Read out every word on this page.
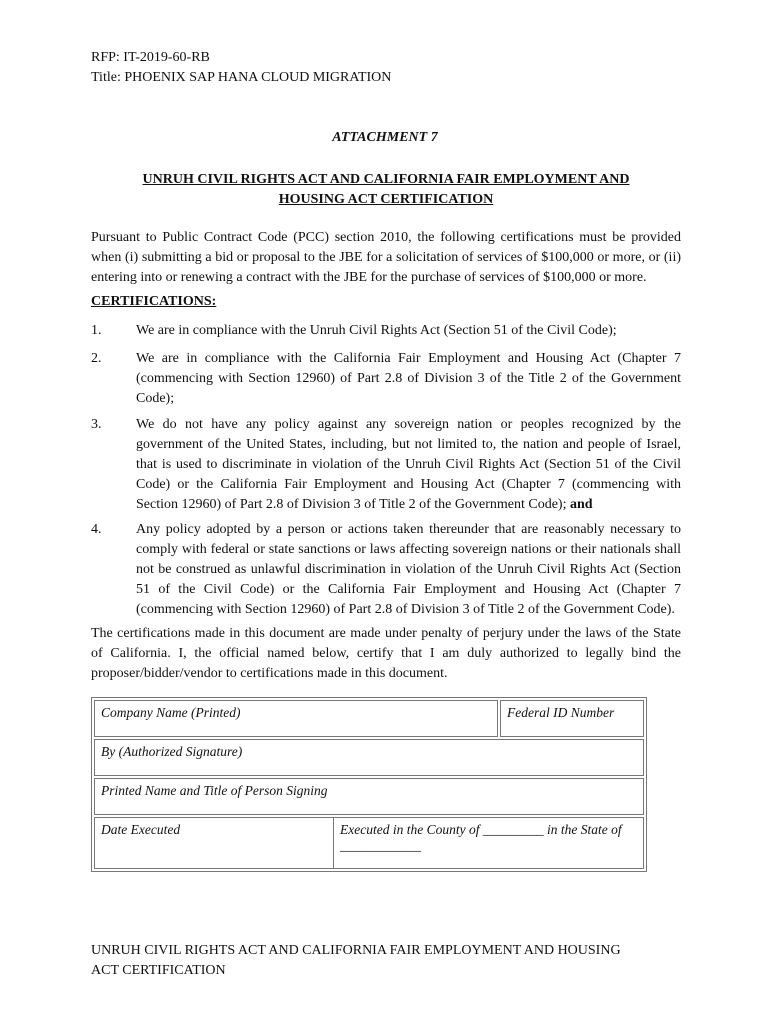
RFP: IT-2019-60-RB
Title: PHOENIX SAP HANA CLOUD MIGRATION
ATTACHMENT 7
UNRUH CIVIL RIGHTS ACT AND CALIFORNIA FAIR EMPLOYMENT AND
HOUSING ACT CERTIFICATION
Pursuant to Public Contract Code (PCC) section 2010, the following certifications must be provided when (i) submitting a bid or proposal to the JBE for a solicitation of services of $100,000 or more, or (ii) entering into or renewing a contract with the JBE for the purchase of services of $100,000 or more.
CERTIFICATIONS:
1. We are in compliance with the Unruh Civil Rights Act (Section 51 of the Civil Code);
2. We are in compliance with the California Fair Employment and Housing Act (Chapter 7 (commencing with Section 12960) of Part 2.8 of Division 3 of the Title 2 of the Government Code);
3. We do not have any policy against any sovereign nation or peoples recognized by the government of the United States, including, but not limited to, the nation and people of Israel, that is used to discriminate in violation of the Unruh Civil Rights Act (Section 51 of the Civil Code) or the California Fair Employment and Housing Act (Chapter 7 (commencing with Section 12960) of Part 2.8 of Division 3 of Title 2 of the Government Code); and
4. Any policy adopted by a person or actions taken thereunder that are reasonably necessary to comply with federal or state sanctions or laws affecting sovereign nations or their nationals shall not be construed as unlawful discrimination in violation of the Unruh Civil Rights Act (Section 51 of the Civil Code) or the California Fair Employment and Housing Act (Chapter 7 (commencing with Section 12960) of Part 2.8 of Division 3 of Title 2 of the Government Code).
The certifications made in this document are made under penalty of perjury under the laws of the State of California. I, the official named below, certify that I am duly authorized to legally bind the proposer/bidder/vendor to certifications made in this document.
Company Name (Printed)	Federal ID Number
By (Authorized Signature)
Printed Name and Title of Person Signing

Date Executed	Executed in the County of _________ in the State of ____________
UNRUH CIVIL RIGHTS ACT AND CALIFORNIA FAIR EMPLOYMENT AND HOUSING
ACT CERTIFICATION
